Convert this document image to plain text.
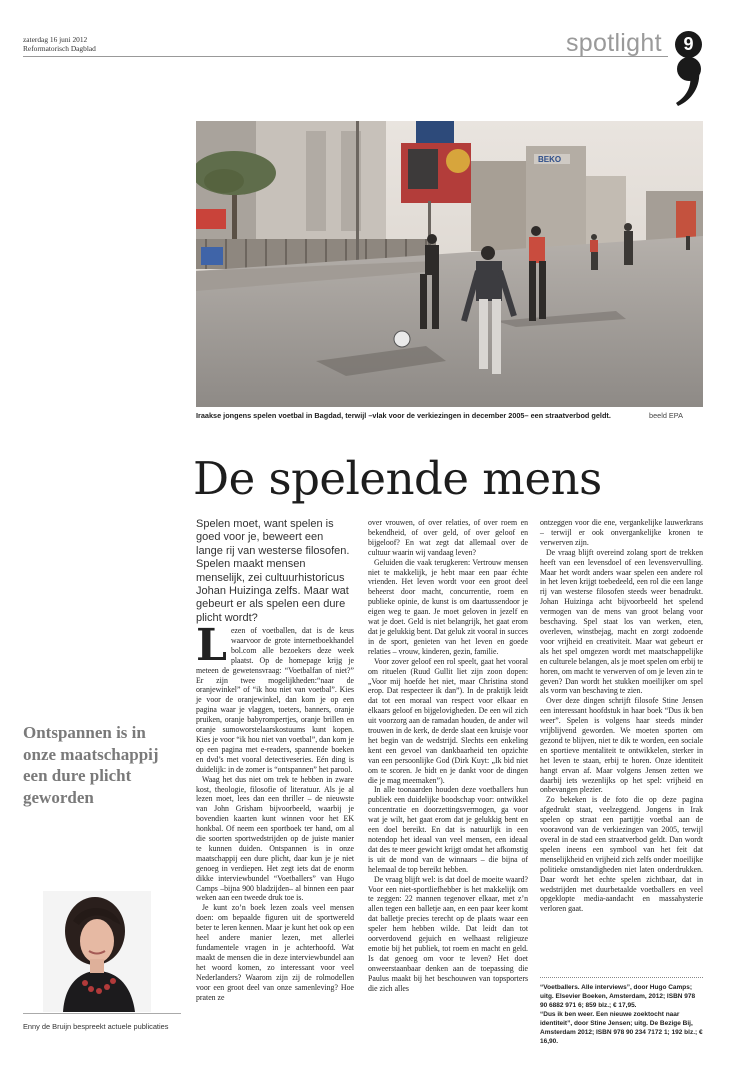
zaterdag 16 juni 2012
Reformatorisch Dagblad	spotlight	9
BEKO
Iraakse jongens spelen voetbal in Bagdad, terwijl –vlak voor de verkiezingen in december 2005– een straatverbod geldt.	beeld EPA
De spelende mens
Spelen moet, want spelen is goed voor je, beweert een lange rij van westerse filosofen. Spelen maakt mensen menselijk, zei cultuurhistoricus Johan Huizinga zelfs. Maar wat gebeurt er als spelen een dure plicht wordt?
L ezen of voetballen, dat is de keus waarvoor de grote internetboekhandel bol.com alle bezoekers deze week plaatst. Op de homepage krijg je meteen de gewetensvraag: “Voetbalfan of niet?” Er zijn twee mogelijkheden:“naar de oranjewinkel” of “ik hou niet van voetbal”. Kies je voor de oranjewinkel, dan kom je op een pagina waar je vlaggen, toeters, banners, oranje pruiken, oranje babyrompertjes, oranje brillen en oranje sumoworstelaarskostuums kunt kopen. Kies je voor “ik hou niet van voetbal”, dan kom je op een pagina met e-readers, spannende boeken en dvd’s met vooral detectiveseries. Eén ding is duidelijk: in de zomer is “ontspannen” het parool.

Waag het dus niet om trek te hebben in zware kost, theologie, filosofie of literatuur. Als je al lezen moet, lees dan een thriller – de nieuwste van John Grisham bijvoorbeeld, waarbij je bovendien kaarten kunt winnen voor het EK honkbal. Of neem een sportboek ter hand, om al die soorten sportwedstrijden op de juiste manier te kunnen duiden. Ontspannen is in onze maatschappij een dure plicht, daar kun je je niet genoeg in verdiepen. Het zegt iets dat de enorm dikke interviewbundel “Voetballers” van Hugo Camps –bijna 900 bladzijden– al binnen een paar weken aan een tweede druk toe is.

Je kunt zo’n boek lezen zoals veel mensen doen: om bepaalde figuren uit de sportwereld beter te leren kennen. Maar je kunt het ook op een heel andere manier lezen, met allerlei fundamentele vragen in je achterhoofd. Wat maakt de mensen die in deze interviewbundel aan het woord komen, zo interessant voor veel Nederlanders? Waarom zijn zij de rolmodellen voor een groot deel van onze samenleving? Hoe praten ze

over vrouwen, of over relaties, of over roem en bekendheid, of over geld, of over geloof en bijgeloof? En wat zegt dat allemaal over de cultuur waarin wij vandaag leven?

Geluiden die vaak terugkeren: Vertrouw mensen niet te makkelijk, je hebt maar een paar échte vrienden. Het leven wordt voor een groot deel beheerst door macht, concurrentie, roem en publieke opinie, de kunst is om daartussendoor je eigen weg te gaan. Je moet geloven in jezelf en wat je doet. Geld is niet belangrijk, het gaat erom dat je gelukkig bent. Dat geluk zit vooral in succes in de sport, genieten van het leven en goede relaties – vrouw, kinderen, gezin, familie.

Voor zover geloof een rol speelt, gaat het vooral om rituelen (Ruud Gullit liet zijn zoon dopen: „Voor mij hoefde het niet, maar Christina stond erop. Dat respecteer ik dan”). In de praktijk leidt dat tot een moraal van respect voor elkaar en elkaars geloof en bijgelovigheden. De een wil zich uit voorzorg aan de ramadan houden, de ander wil trouwen in de kerk, de derde slaat een kruisje voor het begin van de wedstrijd. Slechts een enkeling kent een gevoel van dankbaarheid ten opzichte van een persoonlijke God (Dirk Kuyt: „Ik bid niet om te scoren. Je bidt en je dankt voor de dingen die je mag meemaken”).

In alle toonaarden houden deze voetballers hun publiek een duidelijke boodschap voor: ontwikkel concentratie en doorzettingsvermogen, ga voor wat je wilt, het gaat erom dat je gelukkig bent en een doel bereikt. En dat is natuurlijk in een notendop het ideaal van veel mensen, een ideaal dat des te meer gewicht krijgt omdat het afkomstig is uit de mond van de winnaars – die bijna of helemaal de top bereikt hebben.

De vraag blijft wel: is dat doel de moeite waard? Voor een niet-sportliefhebber is het makkelijk om te zeggen: 22 mannen tegenover elkaar, met z’n allen tegen een balletje aan, en een paar keer komt dat balletje precies terecht op de plaats waar een speler hem hebben wilde. Dat leidt dan tot oorverdovend gejuich en welhaast religieuze emotie bij het publiek, tot roem en macht en geld. Is dat genoeg om voor te leven? Het doet onweerstaanbaar denken aan de toepassing die Paulus maakt bij het beschouwen van topsporters die zich alles

ontzeggen voor die ene, vergankelijke lauwerkrans – terwijl er ook onvergankelijke kronen te verwerven zijn.

De vraag blijft overeind zolang sport de trekken heeft van een levensdoel of een levensvervulling. Maar het wordt anders waar spelen een andere rol in het leven krijgt toebedeeld, een rol die een lange rij van westerse filosofen steeds weer benadrukt. Johan Huizinga acht bijvoorbeeld het spelend vermogen van de mens van groot belang voor beschaving. Spel staat los van werken, eten, overleven, winstbejag, macht en zorgt zodoende voor vrijheid en creativiteit. Maar wat gebeurt er als het spel omgezen wordt met maatschappelijke en culturele belangen, als je moet spelen om erbij te horen, om macht te verwerven of om je leven zin te geven? Dan wordt het stukken moeilijker om spel als vorm van beschaving te zien.

Over deze dingen schrijft filosofe Stine Jensen een interessant hoofdstuk in haar boek “Dus ik ben weer”. Spelen is volgens haar steeds minder vrijblijvend geworden. We moeten sporten om gezond te blijven, niet te dik te worden, een sociale en sportieve mentaliteit te ontwikkelen, sterker in het leven te staan, erbij te horen. Onze identiteit hangt ervan af. Maar volgens Jensen zetten we daarbij iets wezenlijks op het spel: vrijheid en onbevangen plezier.

Zo bekeken is de foto die op deze pagina afgedrukt staat, veelzeggend. Jongens in Irak spelen op straat een partijtje voetbal aan de vooravond van de verkiezingen van 2005, terwijl overal in de stad een straatverbod geldt. Dan wordt spelen ineens een symbool van het feit dat menselijkheid en vrijheid zich zelfs onder moeilijke politieke omstandigheden niet laten onderdrukken. Daar wordt het echte spelen zichtbaar, dat in wedstrijden met duurbetaalde voetballers en veel opgeklopte media-aandacht en massahysterie verloren gaat.

Ontspannen is in onze maatschappij een dure plicht geworden
Enny de Bruijn bespreekt actuele publicaties

“Voetballers. Alle interviews”, door Hugo Camps; uitg. Elsevier Boeken, Amsterdam, 2012; ISBN 978 90 6882 971 6; 859 blz.; € 17,95.

“Dus ik ben weer. Een nieuwe zoektocht naar identiteit”, door Stine Jensen; uitg. De Bezige Bij, Amsterdam 2012; ISBN 978 90 234 7172 1; 192 blz.; € 16,90.
